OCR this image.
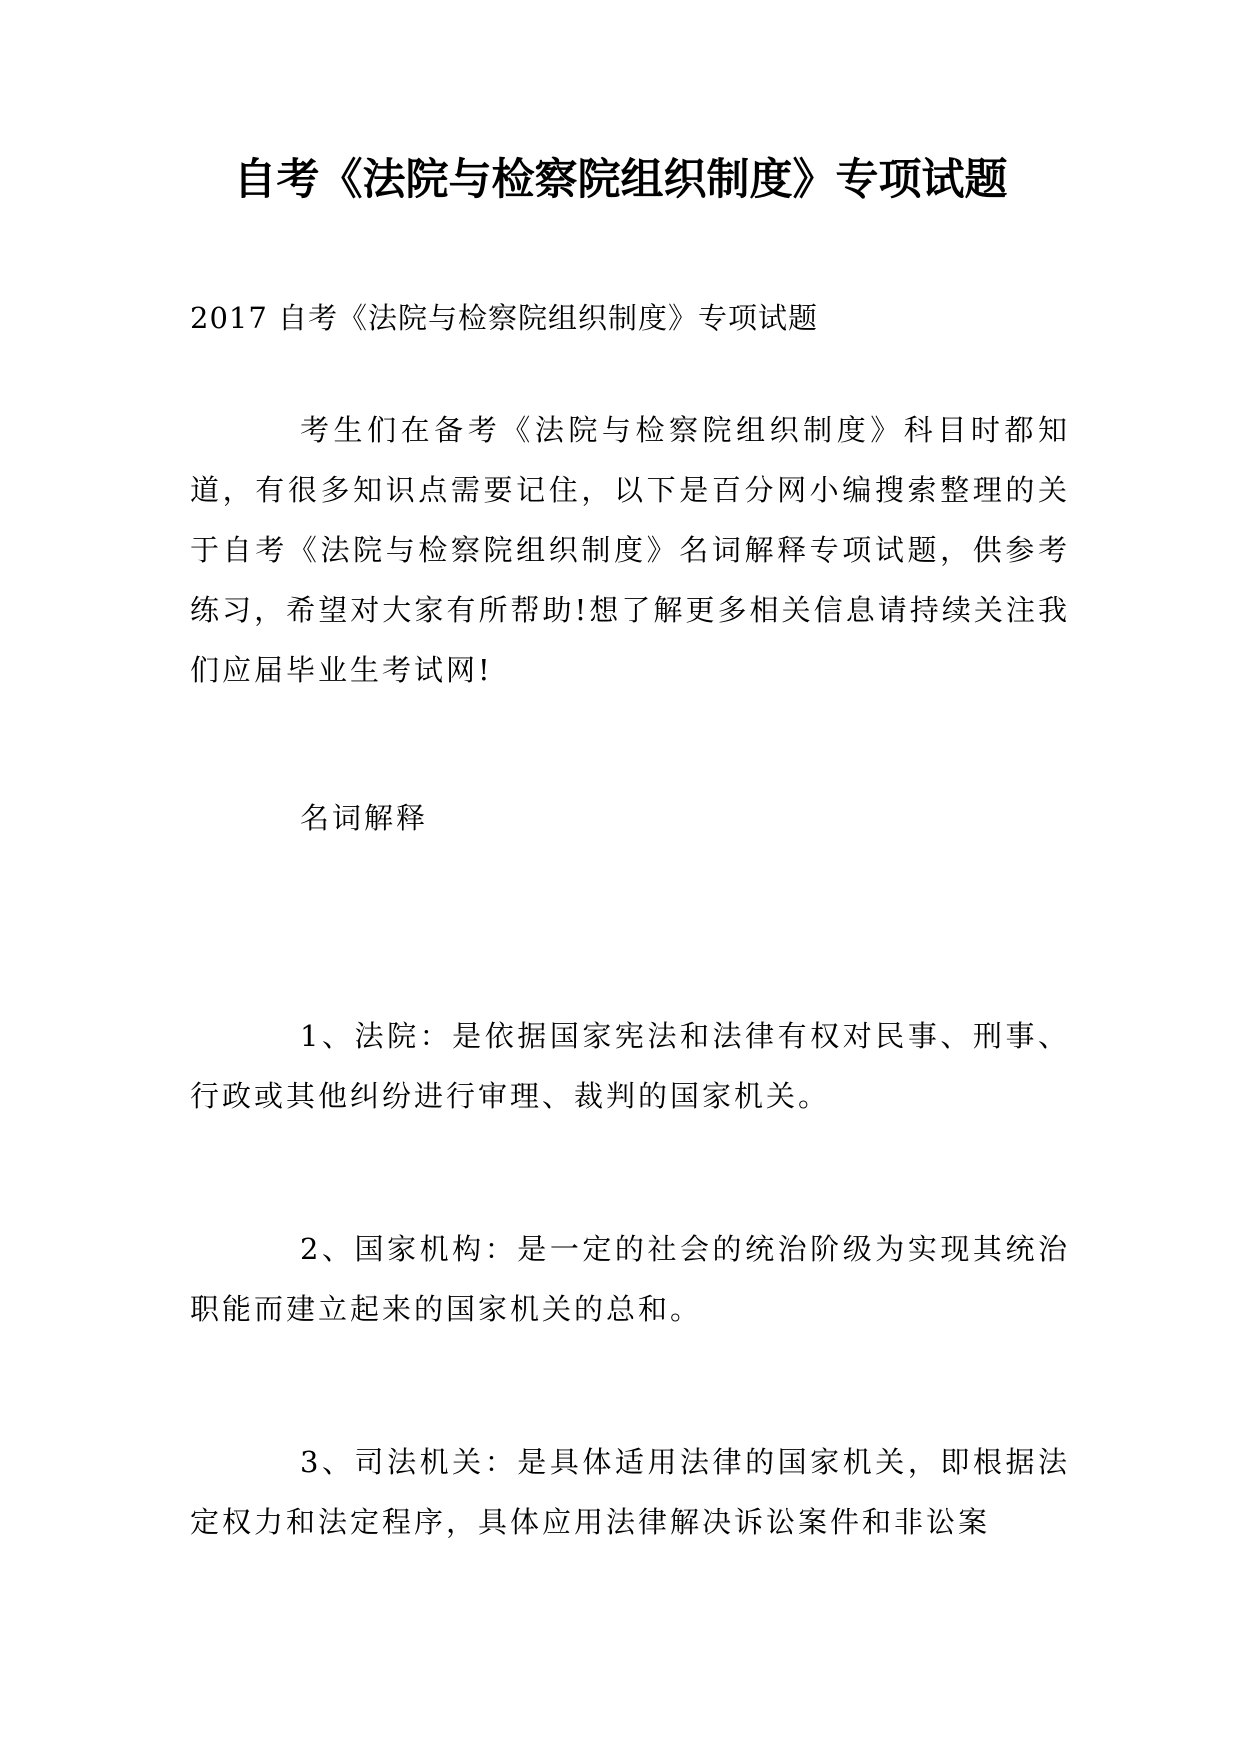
自考《法院与检察院组织制度》专项试题

2017 自考《法院与检察院组织制度》专项试题

考生们在备考《法院与检察院组织制度》科目时都知道，有很多知识点需要记住，以下是百分网小编搜索整理的关于自考《法院与检察院组织制度》名词解释专项试题，供参考练习，希望对大家有所帮助!想了解更多相关信息请持续关注我们应届毕业生考试网!

名词解释

1、法院：是依据国家宪法和法律有权对民事、刑事、行政或其他纠纷进行审理、裁判的国家机关。

2、国家机构：是一定的社会的统治阶级为实现其统治职能而建立起来的国家机关的总和。

3、司法机关：是具体适用法律的国家机关，即根据法定权力和法定程序，具体应用法律解决诉讼案件和非讼案
